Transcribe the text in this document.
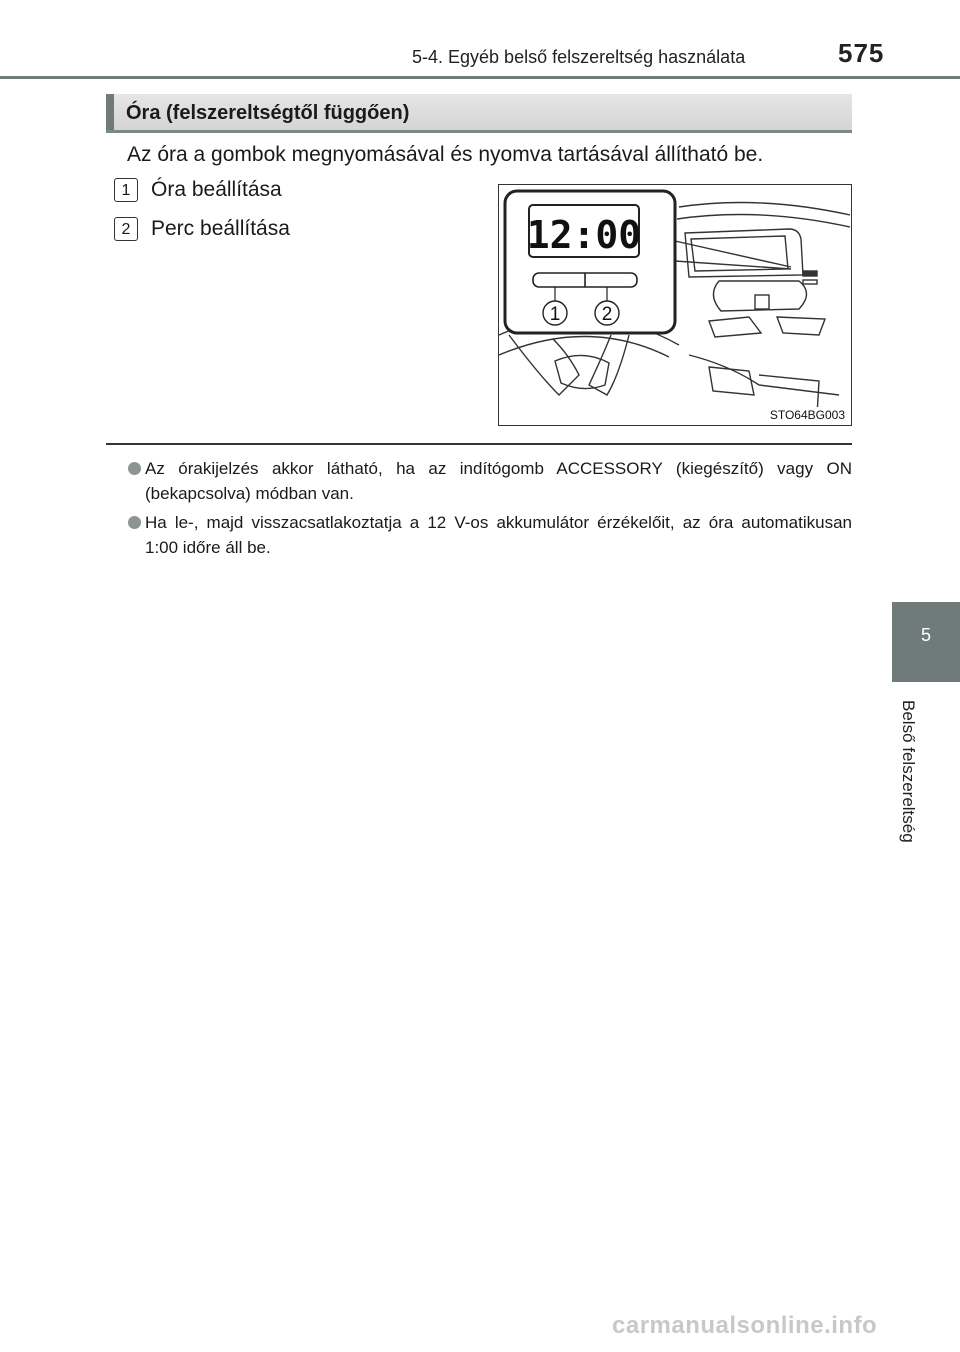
5-4. Egyéb belső felszereltség használata	575
Óra (felszereltségtől függően)
Az óra a gombok megnyomásával és nyomva tartásával állítható be.
1 Óra beállítása
2 Perc beállítása	12:00
1 2
STO64BG003
Az órakijelzés akkor látható, ha az indítógomb ACCESSORY (kiegészítő) vagy ON (bekapcsolva) módban van.
Ha le-, majd visszacsatlakoztatja a 12 V-os akkumulátor érzékelőit, az óra automatikusan 1:00 időre áll be.
5
Belső felszereltség
carmanualsonline.info
